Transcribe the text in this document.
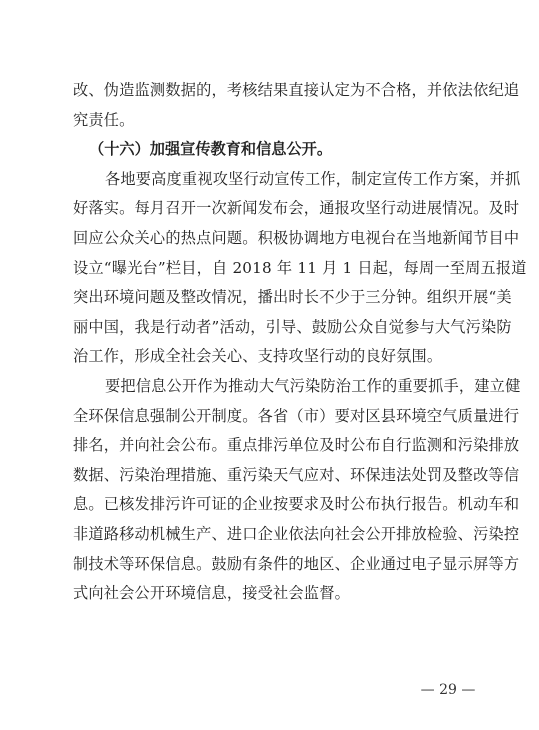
改、伪造监测数据的，考核结果直接认定为不合格，并依法依纪追
究责任。

（十六）加强宣传教育和信息公开。

各地要高度重视攻坚行动宣传工作，制定宣传工作方案，并抓
好落实。每月召开一次新闻发布会，通报攻坚行动进展情况。及时
回应公众关心的热点问题。积极协调地方电视台在当地新闻节目中
设立“曝光台”栏目，自 2018 年 11 月 1 日起，每周一至周五报道
突出环境问题及整改情况，播出时长不少于三分钟。组织开展“美
丽中国，我是行动者”活动，引导、鼓励公众自觉参与大气污染防
治工作，形成全社会关心、支持攻坚行动的良好氛围。

要把信息公开作为推动大气污染防治工作的重要抓手，建立健
全环保信息强制公开制度。各省（市）要对区县环境空气质量进行
排名，并向社会公布。重点排污单位及时公布自行监测和污染排放
数据、污染治理措施、重污染天气应对、环保违法处罚及整改等信
息。已核发排污许可证的企业按要求及时公布执行报告。机动车和
非道路移动机械生产、进口企业依法向社会公开排放检验、污染控
制技术等环保信息。鼓励有条件的地区、企业通过电子显示屏等方
式向社会公开环境信息，接受社会监督。

— 29 —
